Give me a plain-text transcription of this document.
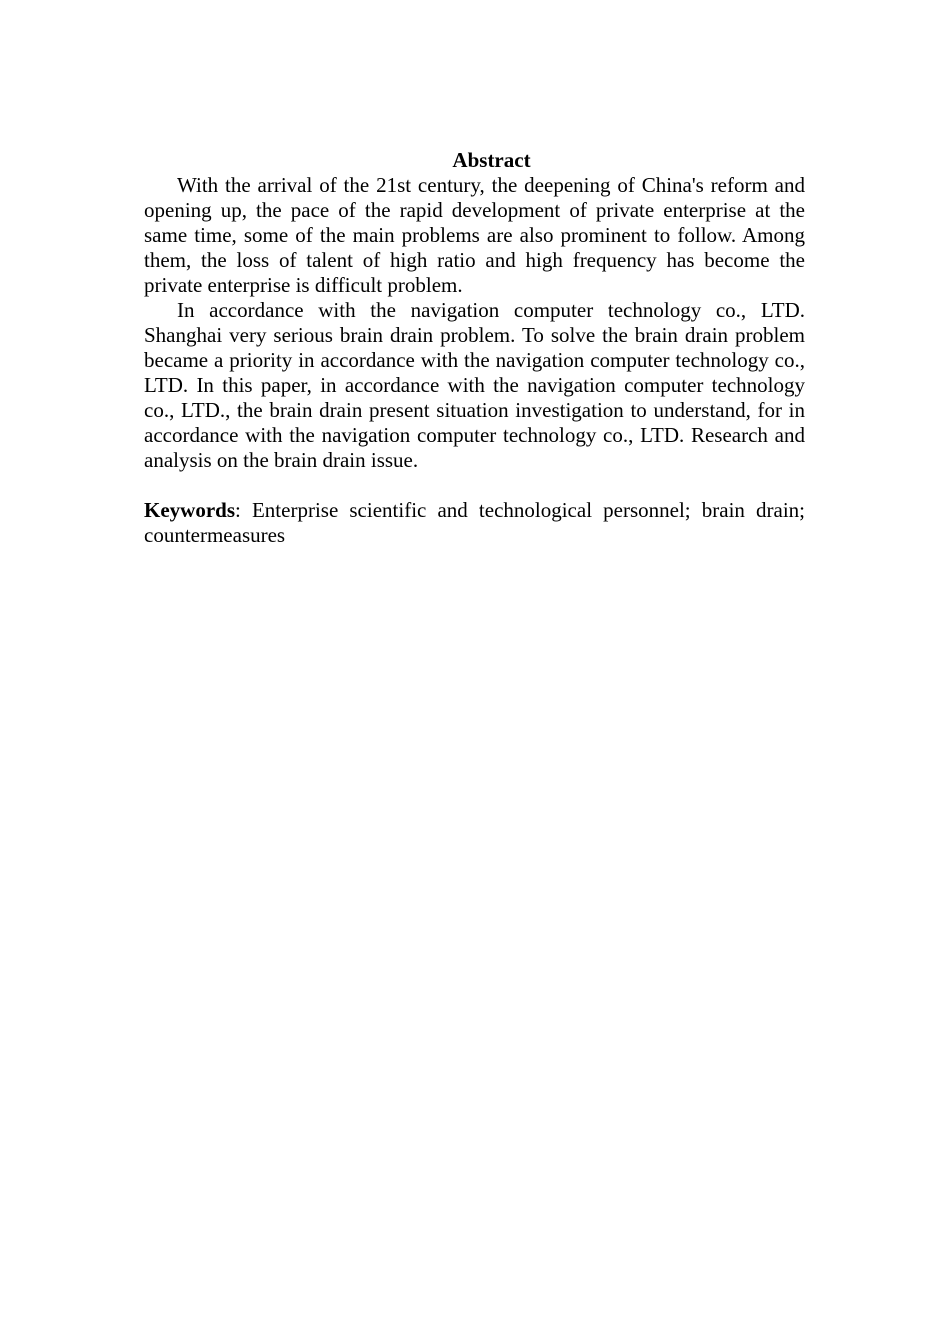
Abstract

With the arrival of the 21st century, the deepening of China's reform and opening up, the pace of the rapid development of private enterprise at the same time, some of the main problems are also prominent to follow. Among them, the loss of talent of high ratio and high frequency has become the private enterprise is difficult problem.

In accordance with the navigation computer technology co., LTD. Shanghai very serious brain drain problem. To solve the brain drain problem became a priority in accordance with the navigation computer technology co., LTD. In this paper, in accordance with the navigation computer technology co., LTD., the brain drain present situation investigation to understand, for in accordance with the navigation computer technology co., LTD. Research and analysis on the brain drain issue.

Keywords: Enterprise scientific and technological personnel; brain drain; countermeasures
